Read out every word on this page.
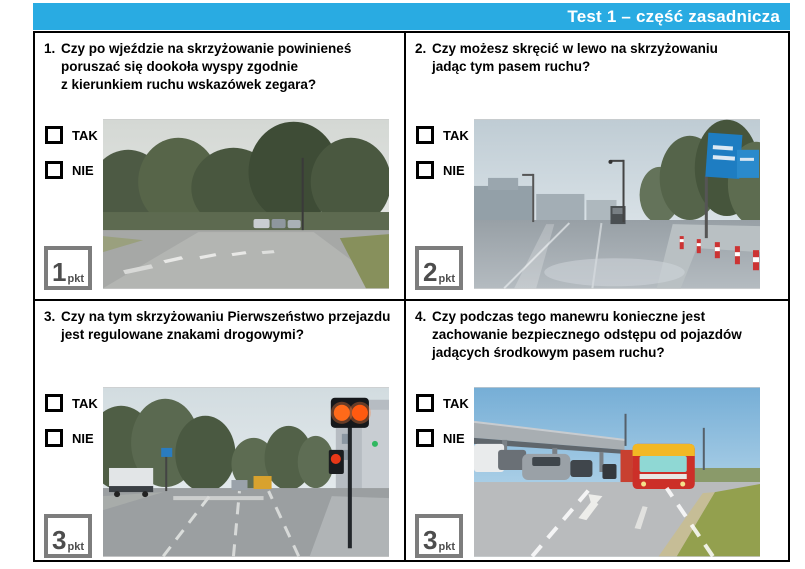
Test 1 – część zasadnicza
1. Czy po wjeździe na skrzyżowanie powinieneś
poruszać się dookoła wyspy zgodnie
z kierunkiem ruchu wskazówek zegara?
TAK
NIE
1 pkt
2. Czy możesz skręcić w lewo na skrzyżowaniu
jadąc tym pasem ruchu?
TAK
NIE
2 pkt
3. Czy na tym skrzyżowaniu Pierwszeństwo przejazdu
jest regulowane znakami drogowymi?
TAK
NIE
3 pkt
4. Czy podczas tego manewru konieczne jest
zachowanie bezpiecznego odstępu od pojazdów
jadących środkowym pasem ruchu?
TAK
NIE
3 pkt
